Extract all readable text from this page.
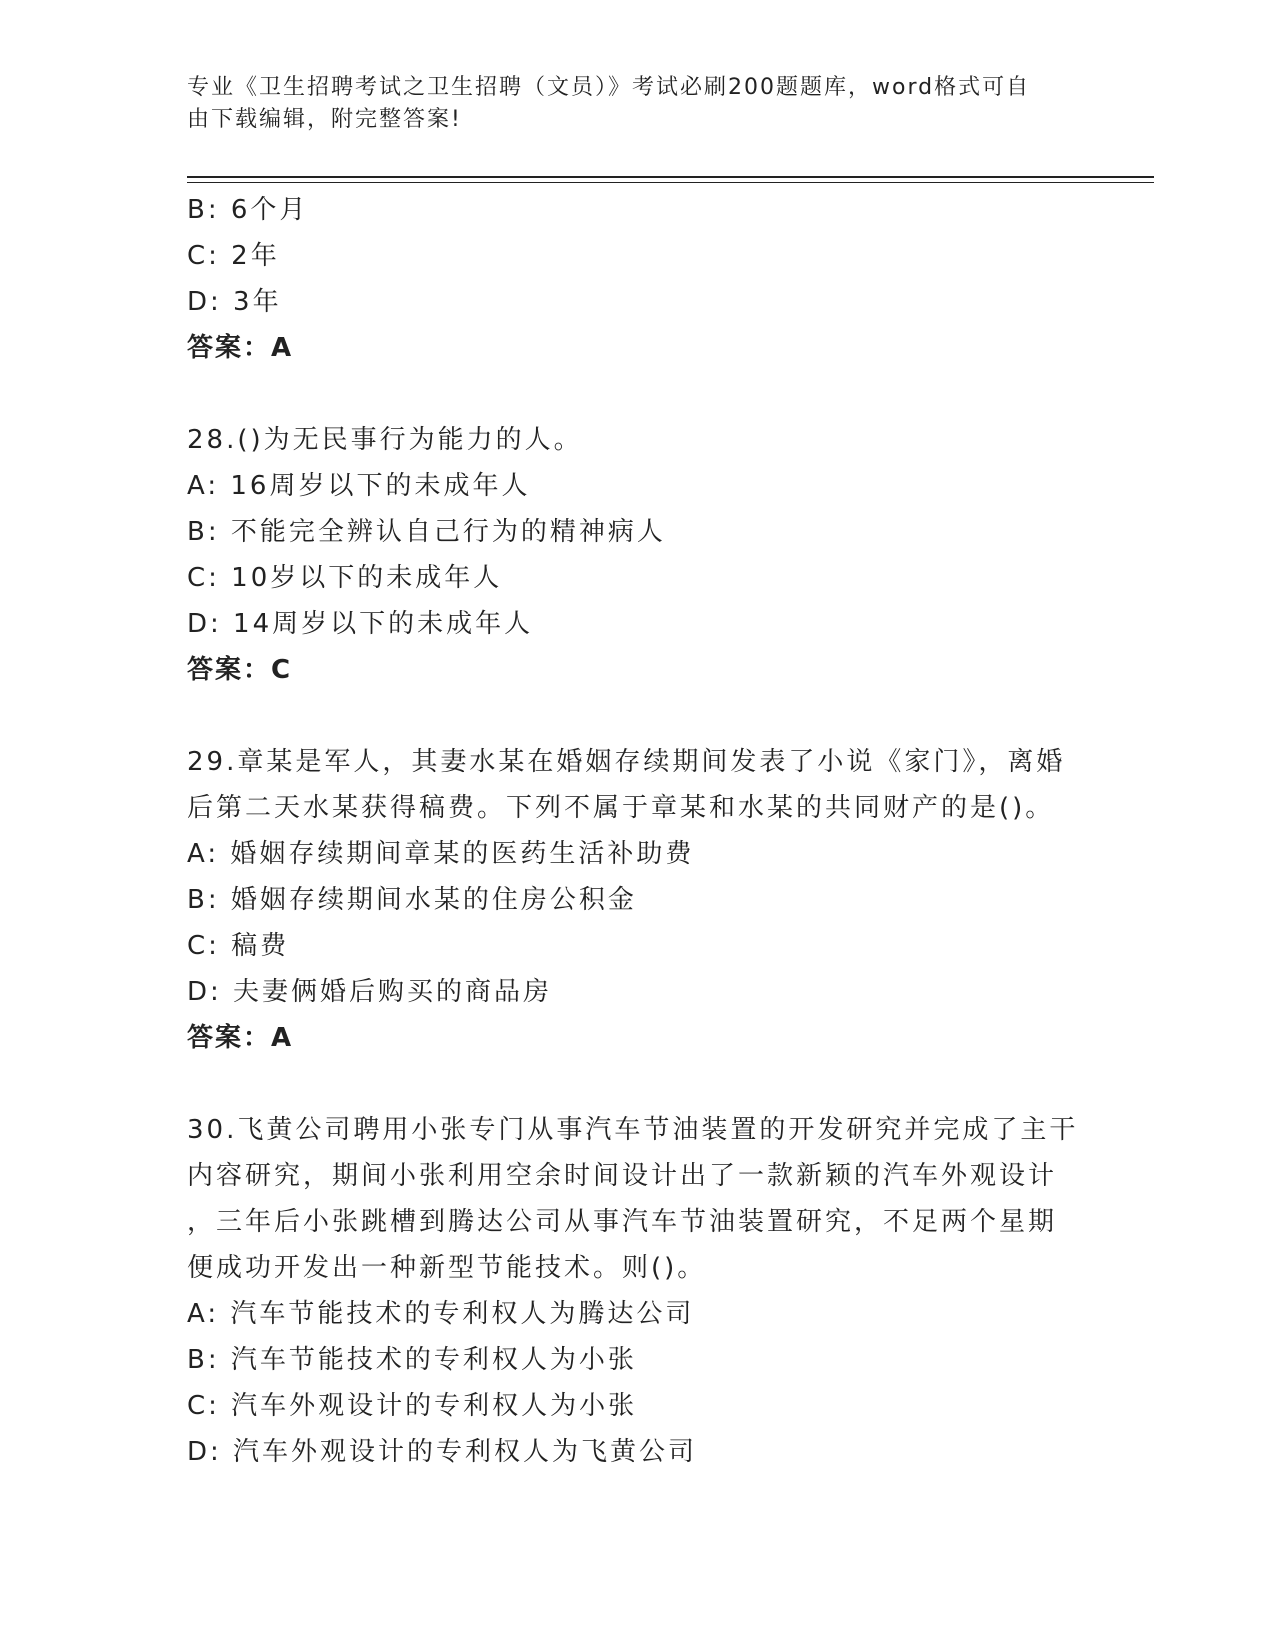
专业《卫生招聘考试之卫生招聘（文员）》考试必刷200题题库，word格式可自
由下载编辑，附完整答案!
B: 6个月
C: 2年
D: 3年
答案：A
28.()为无民事行为能力的人。
A: 16周岁以下的未成年人
B: 不能完全辨认自己行为的精神病人
C: 10岁以下的未成年人
D: 14周岁以下的未成年人
答案：C
29.章某是军人，其妻水某在婚姻存续期间发表了小说《家门》，离婚
后第二天水某获得稿费。下列不属于章某和水某的共同财产的是()。
A: 婚姻存续期间章某的医药生活补助费
B: 婚姻存续期间水某的住房公积金
C: 稿费
D: 夫妻俩婚后购买的商品房
答案：A
30.飞黄公司聘用小张专门从事汽车节油装置的开发研究并完成了主干
内容研究，期间小张利用空余时间设计出了一款新颖的汽车外观设计
，三年后小张跳槽到腾达公司从事汽车节油装置研究，不足两个星期
便成功开发出一种新型节能技术。则()。
A: 汽车节能技术的专利权人为腾达公司
B: 汽车节能技术的专利权人为小张
C: 汽车外观设计的专利权人为小张
D: 汽车外观设计的专利权人为飞黄公司
